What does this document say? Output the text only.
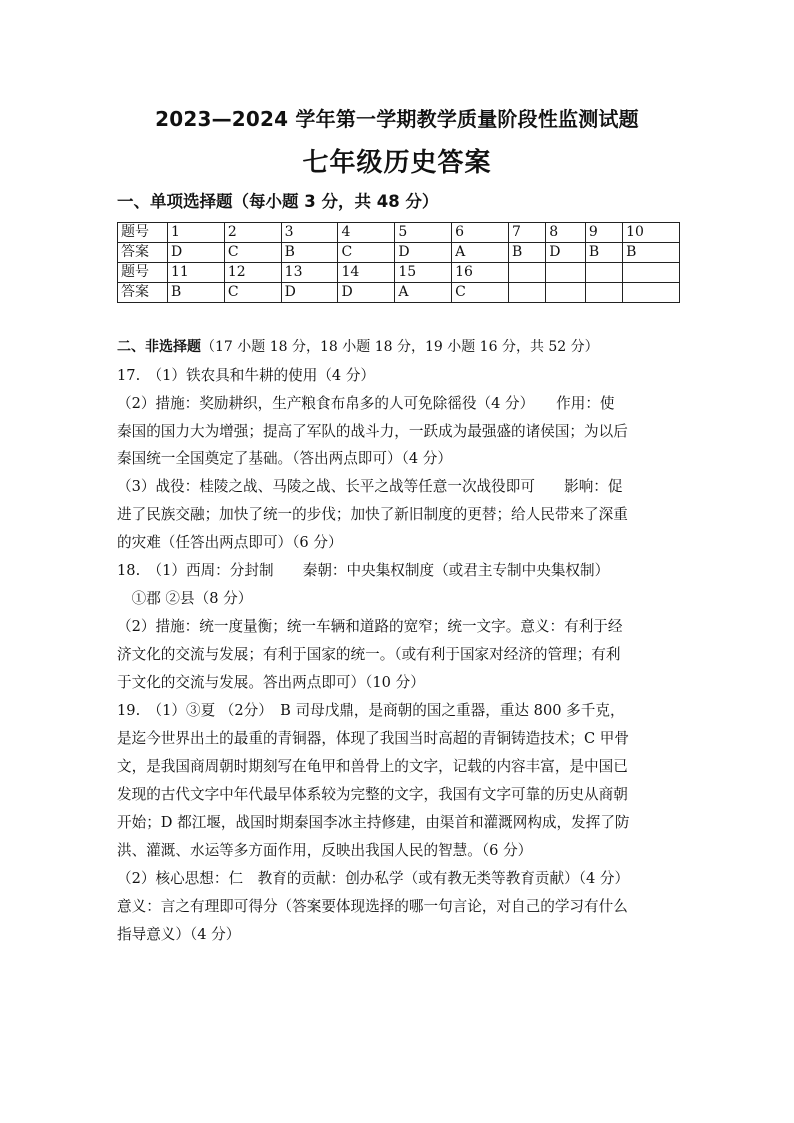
2023—2024 学年第一学期教学质量阶段性监测试题
七年级历史答案
一、单项选择题（每小题 3 分，共 48 分）
题号	1	2	3	4	5	6	7	8	9	10
答案	D	C	B	C	D	A	B	D	B	B
题号	11	12	13	14	15	16				
答案	B	C	D	D	A	C				
二、非选择题（17 小题 18 分，18 小题 18 分，19 小题 16 分，共 52 分）
17.　（1）铁农具和牛耕的使用（4 分）
（2）措施：奖励耕织，生产粮食布帛多的人可免除徭役（4 分）　　作用：使
秦国的国力大为增强；提高了军队的战斗力，一跃成为最强盛的诸侯国；为以后
秦国统一全国奠定了基础。（答出两点即可）（4 分）
（3）战役：桂陵之战、马陵之战、长平之战等任意一次战役即可　　影响：促
进了民族交融；加快了统一的步伐；加快了新旧制度的更替；给人民带来了深重
的灾难（任答出两点即可）（6 分）
18.　（1）西周：分封制　　秦朝：中央集权制度（或君主专制中央集权制）
　①郡 ②县（8 分）
（2）措施：统一度量衡；统一车辆和道路的宽窄；统一文字。意义：有利于经
济文化的交流与发展；有利于国家的统一。（或有利于国家对经济的管理；有利
于文化的交流与发展。答出两点即可）（10 分）
19.　（1）③夏 （2分）　B 司母戊鼎，是商朝的国之重器，重达 800 多千克，
是迄今世界出土的最重的青铜器，体现了我国当时高超的青铜铸造技术；C 甲骨
文，是我国商周朝时期刻写在龟甲和兽骨上的文字，记载的内容丰富，是中国已
发现的古代文字中年代最早体系较为完整的文字，我国有文字可靠的历史从商朝
开始；D 都江堰，战国时期秦国李冰主持修建，由渠首和灌溉网构成，发挥了防
洪、灌溉、水运等多方面作用，反映出我国人民的智慧。（6 分）
（2）核心思想：仁　教育的贡献：创办私学（或有教无类等教育贡献）（4 分）
意义：言之有理即可得分（答案要体现选择的哪一句言论，对自己的学习有什么
指导意义）（4 分）
